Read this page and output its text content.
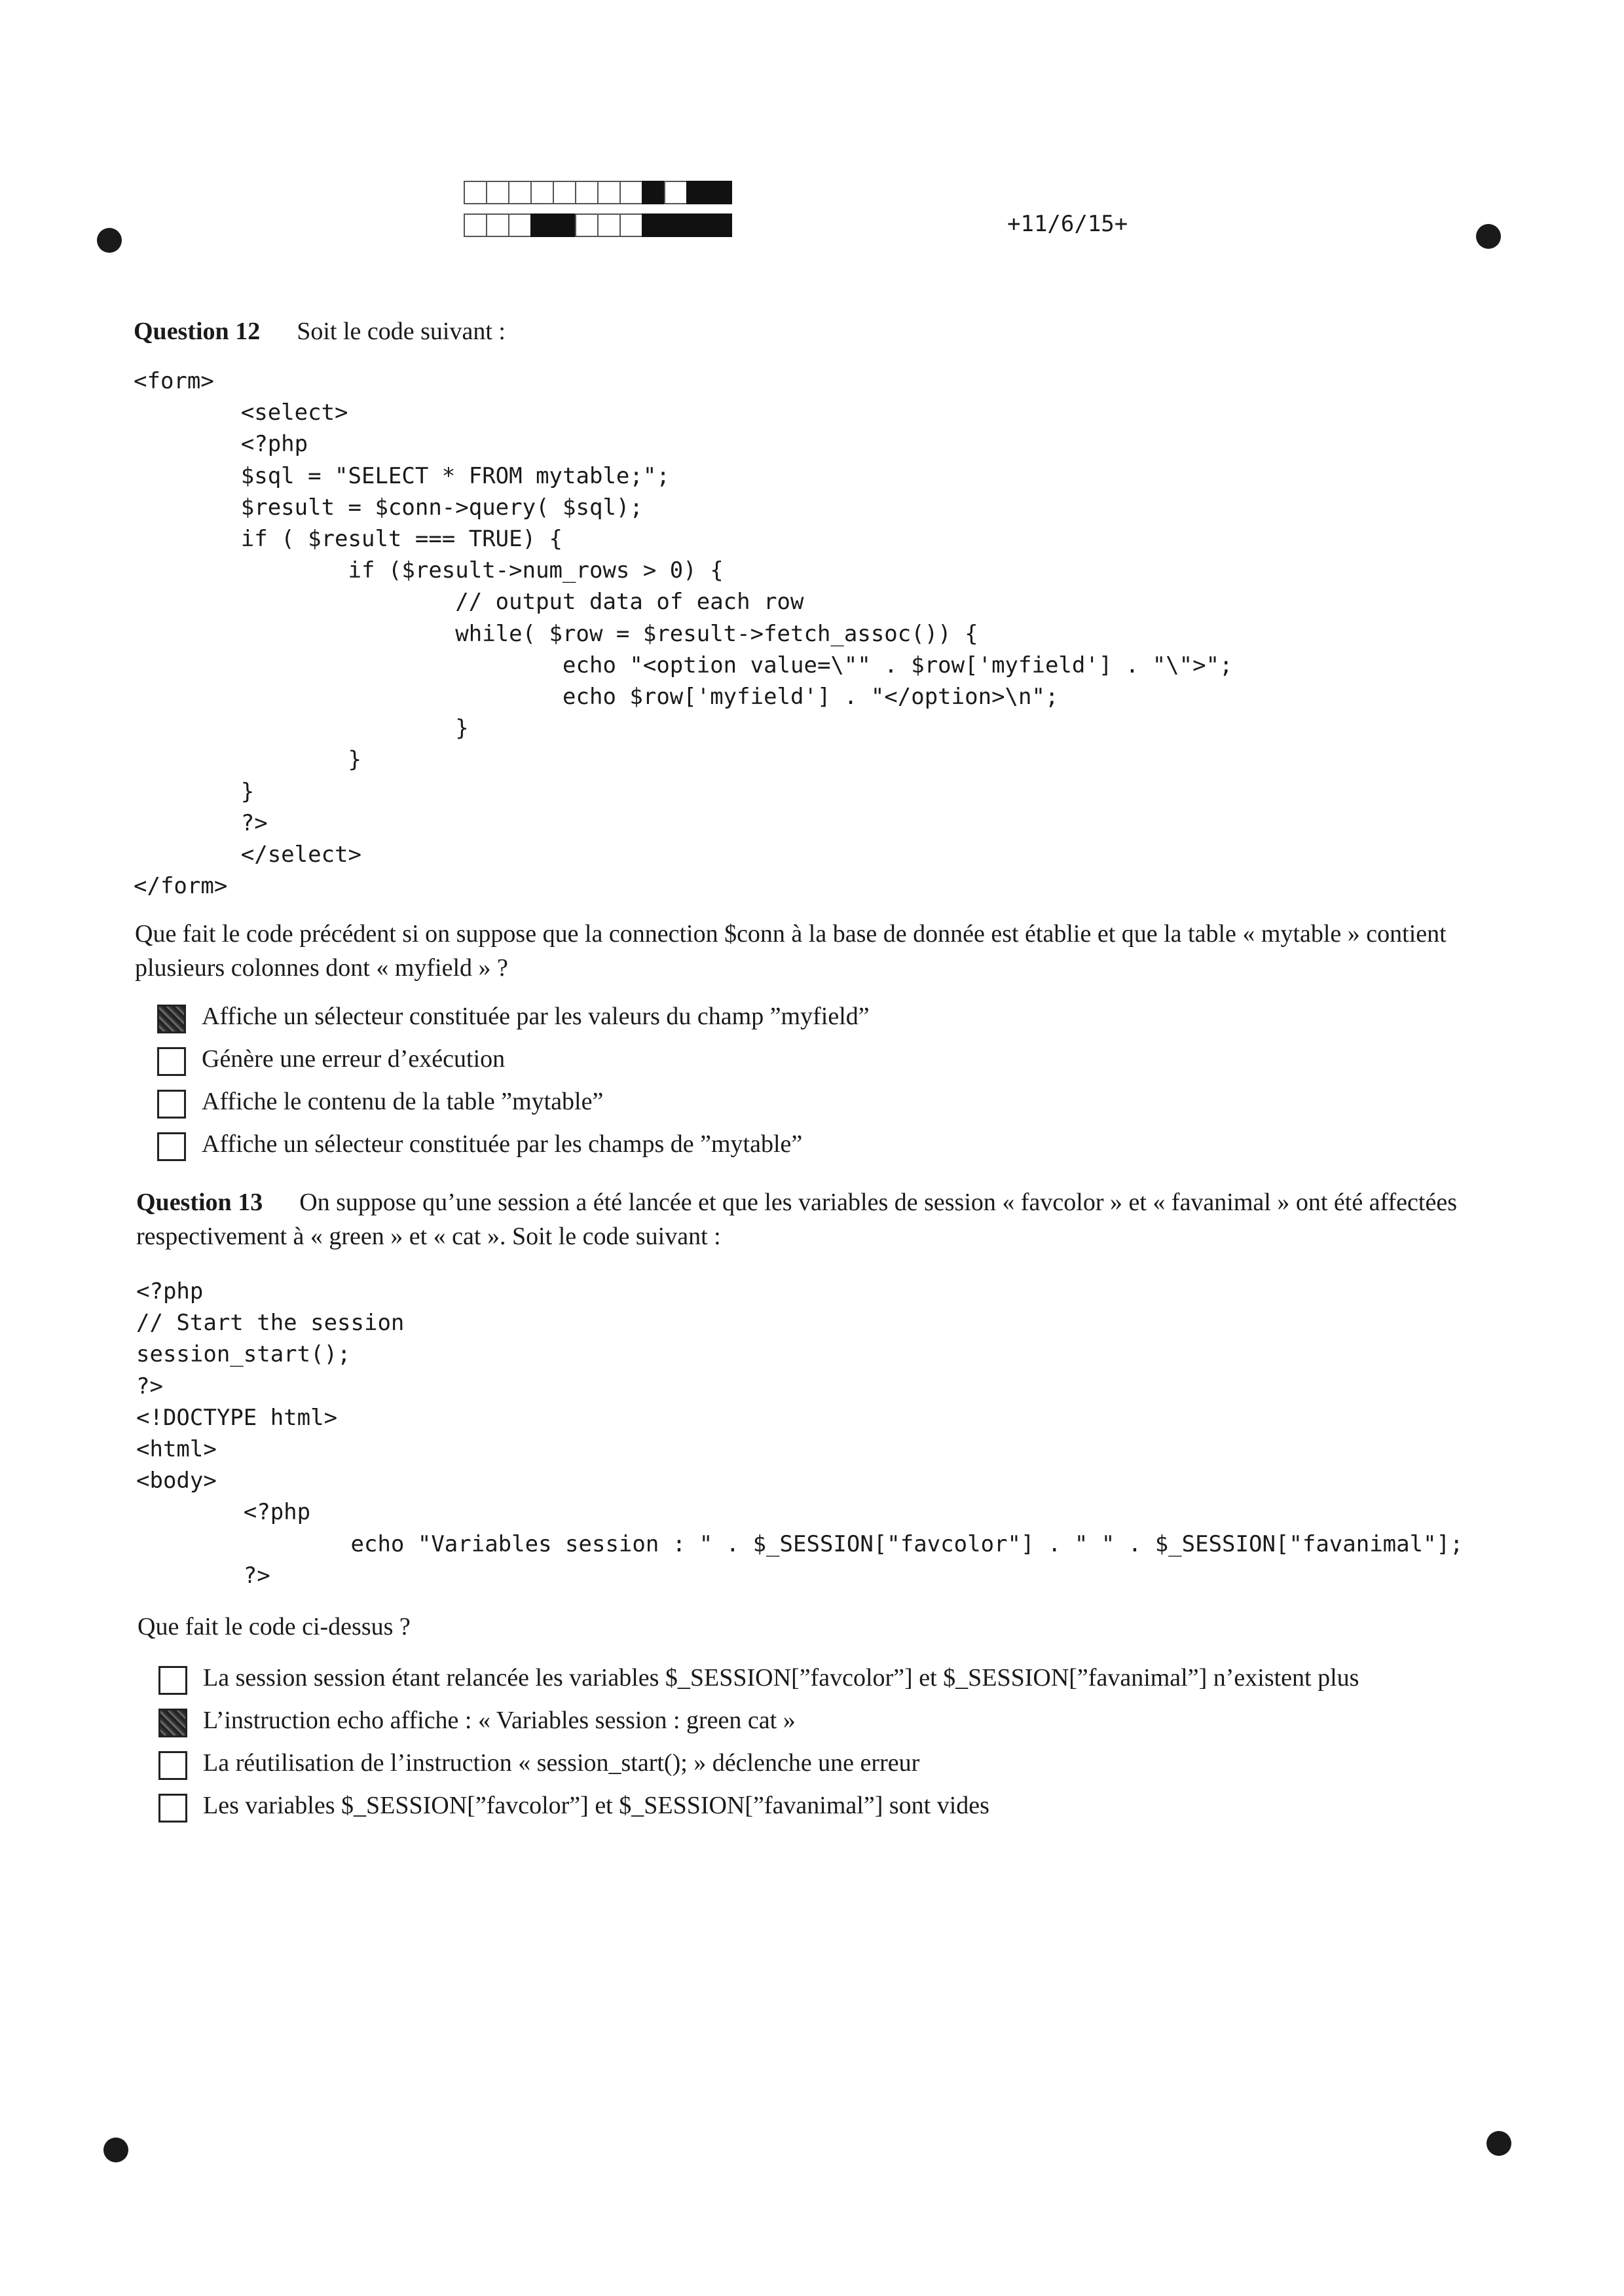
+11/6/15+
Question 12 Soit le code suivant :
<form>
<select>
<?php
$sql = "SELECT * FROM mytable;";
$result = $conn->query( $sql);
if ( $result === TRUE) {
if ($result->num_rows > 0) {
// output data of each row
while( $row = $result->fetch_assoc()) {
echo "<option value=\"" . $row['myfield'] . "\">";
echo $row['myfield'] . "</option>\n";
}
}
}
?>
</select>
</form>
Que fait le code précédent si on suppose que la connection $conn à la base de donnée est établie et que la table « mytable » contient plusieurs colonnes dont « myfield » ?
Affiche un sélecteur constituée par les valeurs du champ ”myfield”
Génère une erreur d’exécution
Affiche le contenu de la table ”mytable”
Affiche un sélecteur constituée par les champs de ”mytable”
Question 13 On suppose qu’une session a été lancée et que les variables de session « favcolor » et « favanimal » ont été affectées respectivement à « green » et « cat ». Soit le code suivant :
<?php
// Start the session
session_start();
?>
<!DOCTYPE html>
<html>
<body>
<?php
echo "Variables session : " . $_SESSION["favcolor"] . " " . $_SESSION["favanimal"];
?>
Que fait le code ci-dessus ?
La session session étant relancée les variables $_SESSION[”favcolor”] et $_SESSION[”favanimal”] n’existent plus
L’instruction echo affiche : « Variables session : green cat »
La réutilisation de l’instruction « session_start(); » déclenche une erreur
Les variables $_SESSION[”favcolor”] et $_SESSION[”favanimal”] sont vides
